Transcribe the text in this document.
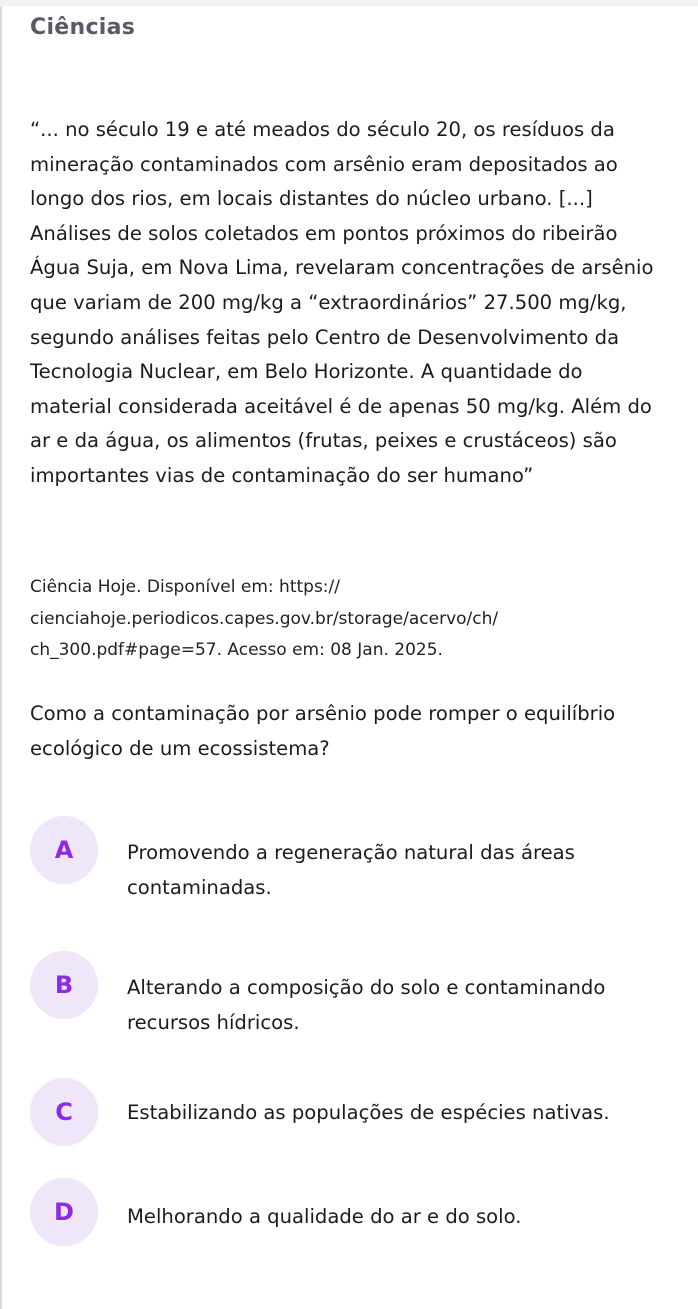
Ciências
“... no século 19 e até meados do século 20, os resíduos da mineração contaminados com arsênio eram depositados ao longo dos rios, em locais distantes do núcleo urbano. [...] Análises de solos coletados em pontos próximos do ribeirão Água Suja, em Nova Lima, revelaram concentrações de arsênio que variam de 200 mg/kg a “extraordinários” 27.500 mg/kg, segundo análises feitas pelo Centro de Desenvolvimento da Tecnologia Nuclear, em Belo Horizonte. A quantidade do material considerada aceitável é de apenas 50 mg/kg. Além do ar e da água, os alimentos (frutas, peixes e crustáceos) são importantes vias de contaminação do ser humano”
Ciência Hoje. Disponível em: https:// cienciahoje.periodicos.capes.gov.br/storage/acervo/ch/ ch_300.pdf#page=57. Acesso em: 08 Jan. 2025.
Como a contaminação por arsênio pode romper o equilíbrio ecológico de um ecossistema?
A	Promovendo a regeneração natural das áreas contaminadas.
B	Alterando a composição do solo e contaminando recursos hídricos.
C	Estabilizando as populações de espécies nativas.
D	Melhorando a qualidade do ar e do solo.
